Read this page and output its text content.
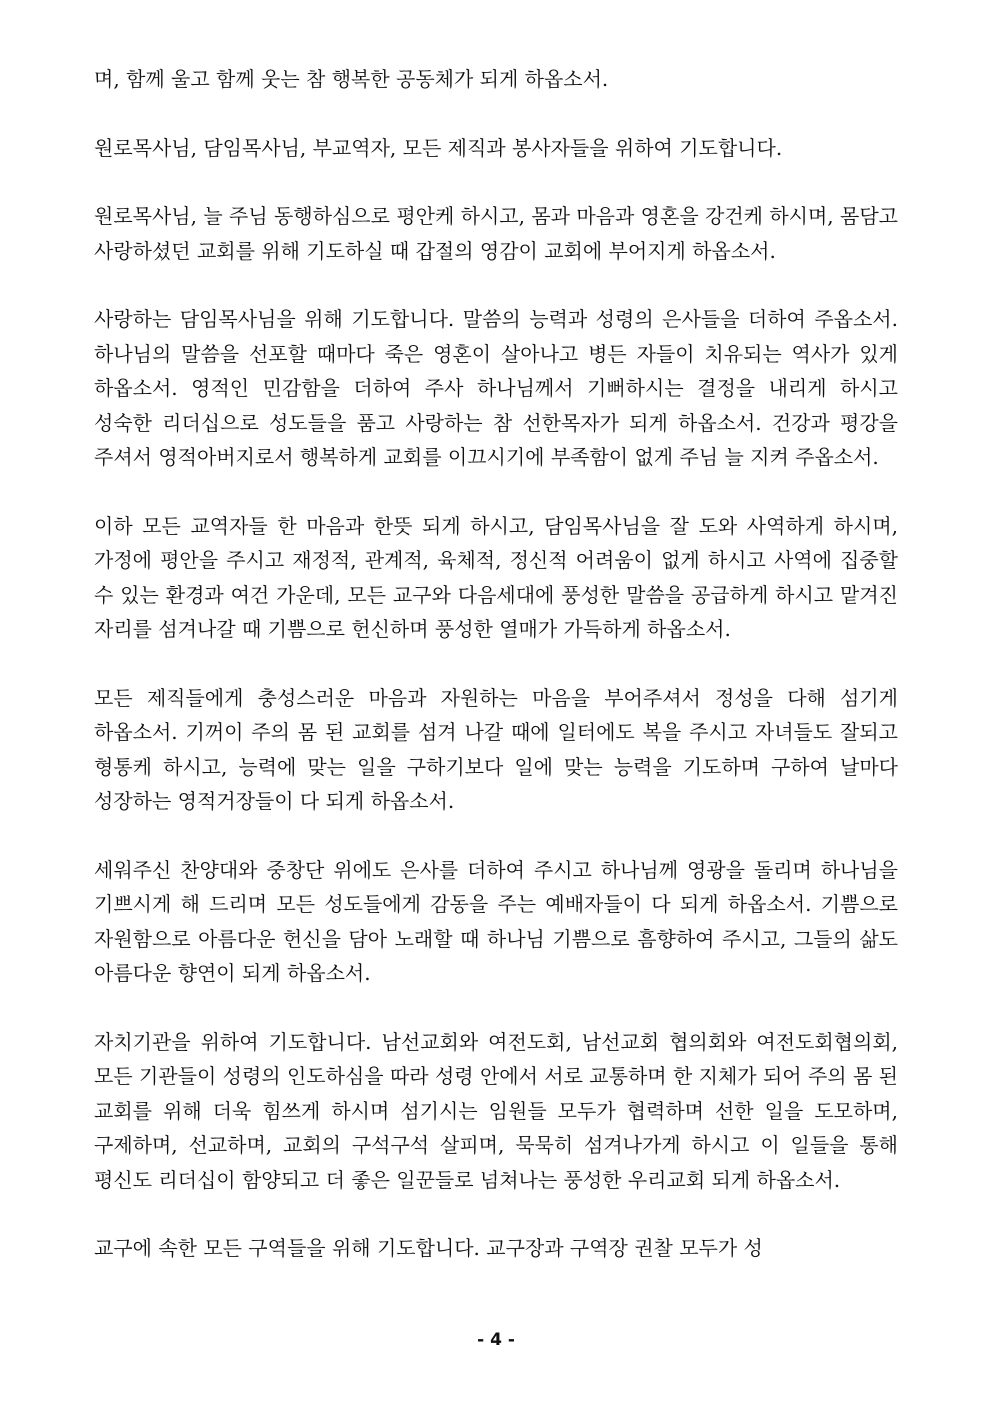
며, 함께 울고 함께 웃는 참 행복한 공동체가 되게 하옵소서.

원로목사님, 담임목사님, 부교역자, 모든 제직과 봉사자들을 위하여 기도합니다.

원로목사님, 늘 주님 동행하심으로 평안케 하시고, 몸과 마음과 영혼을 강건케 하시며, 몸담고 사랑하셨던 교회를 위해 기도하실 때 갑절의 영감이 교회에 부어지게 하옵소서.

사랑하는 담임목사님을 위해 기도합니다. 말씀의 능력과 성령의 은사들을 더하여 주옵소서. 하나님의 말씀을 선포할 때마다 죽은 영혼이 살아나고 병든 자들이 치유되는 역사가 있게 하옵소서. 영적인 민감함을 더하여 주사 하나님께서 기뻐하시는 결정을 내리게 하시고 성숙한 리더십으로 성도들을 품고 사랑하는 참 선한목자가 되게 하옵소서. 건강과 평강을 주셔서 영적아버지로서 행복하게 교회를 이끄시기에 부족함이 없게 주님 늘 지켜 주옵소서.

이하 모든 교역자들 한 마음과 한뜻 되게 하시고, 담임목사님을 잘 도와 사역하게 하시며, 가정에 평안을 주시고 재정적, 관계적, 육체적, 정신적 어려움이 없게 하시고 사역에 집중할 수 있는 환경과 여건 가운데, 모든 교구와 다음세대에 풍성한 말씀을 공급하게 하시고 맡겨진 자리를 섬겨나갈 때 기쁨으로 헌신하며 풍성한 열매가 가득하게 하옵소서.

모든 제직들에게 충성스러운 마음과 자원하는 마음을 부어주셔서 정성을 다해 섬기게 하옵소서. 기꺼이 주의 몸 된 교회를 섬겨 나갈 때에 일터에도 복을 주시고 자녀들도 잘되고 형통케 하시고, 능력에 맞는 일을 구하기보다 일에 맞는 능력을 기도하며 구하여 날마다 성장하는 영적거장들이 다 되게 하옵소서.

세워주신 찬양대와 중창단 위에도 은사를 더하여 주시고 하나님께 영광을 돌리며 하나님을 기쁘시게 해 드리며 모든 성도들에게 감동을 주는 예배자들이 다 되게 하옵소서. 기쁨으로 자원함으로 아름다운 헌신을 담아 노래할 때 하나님 기쁨으로 흠향하여 주시고, 그들의 삶도 아름다운 향연이 되게 하옵소서.

자치기관을 위하여 기도합니다. 남선교회와 여전도회, 남선교회 협의회와 여전도회협의회, 모든 기관들이 성령의 인도하심을 따라 성령 안에서 서로 교통하며 한 지체가 되어 주의 몸 된 교회를 위해 더욱 힘쓰게 하시며 섬기시는 임원들 모두가 협력하며 선한 일을 도모하며, 구제하며, 선교하며, 교회의 구석구석 살피며, 묵묵히 섬겨나가게 하시고 이 일들을 통해 평신도 리더십이 함양되고 더 좋은 일꾼들로 넘쳐나는 풍성한 우리교회 되게 하옵소서.

교구에 속한 모든 구역들을 위해 기도합니다. 교구장과 구역장 권찰 모두가 성

- 4 -
